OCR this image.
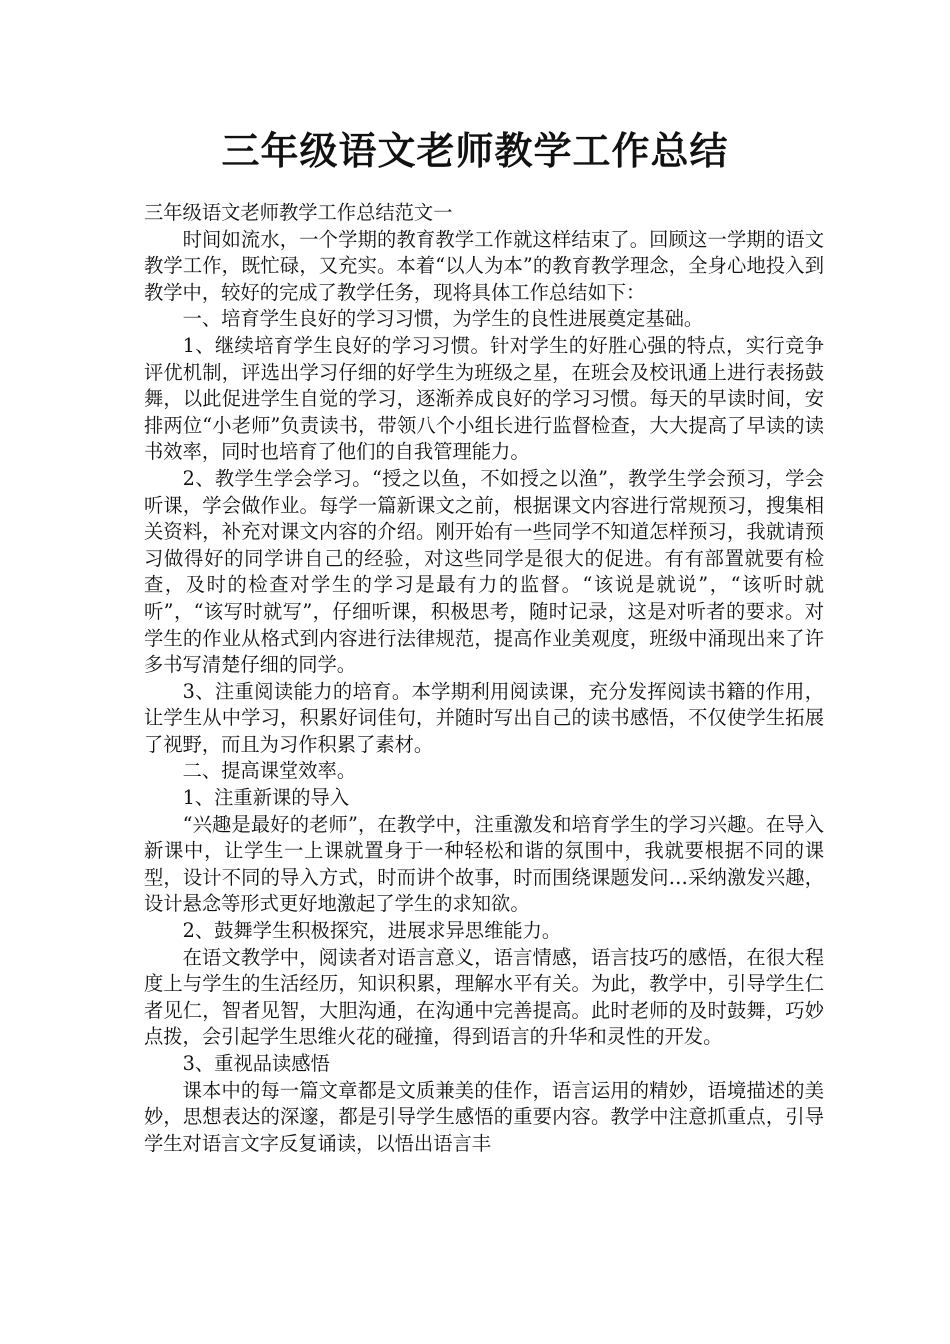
三年级语文老师教学工作总结

三年级语文老师教学工作总结范文一

时间如流水，一个学期的教育教学工作就这样结束了。回顾这一学期的语文教学工作，既忙碌，又充实。本着“以人为本”的教育教学理念，全身心地投入到教学中，较好的完成了教学任务，现将具体工作总结如下：

一、培育学生良好的学习习惯，为学生的良性进展奠定基础。

1、继续培育学生良好的学习习惯。针对学生的好胜心强的特点，实行竞争评优机制，评选出学习仔细的好学生为班级之星，在班会及校讯通上进行表扬鼓舞，以此促进学生自觉的学习，逐渐养成良好的学习习惯。每天的早读时间，安排两位“小老师”负责读书，带领八个小组长进行监督检查，大大提高了早读的读书效率，同时也培育了他们的自我管理能力。

2、教学生学会学习。“授之以鱼，不如授之以渔”，教学生学会预习，学会听课，学会做作业。每学一篇新课文之前，根据课文内容进行常规预习，搜集相关资料，补充对课文内容的介绍。刚开始有一些同学不知道怎样预习，我就请预习做得好的同学讲自己的经验，对这些同学是很大的促进。有有部置就要有检查，及时的检查对学生的学习是最有力的监督。“该说是就说”，“该听时就听”，“该写时就写”，仔细听课，积极思考，随时记录，这是对听者的要求。对学生的作业从格式到内容进行法律规范，提高作业美观度，班级中涌现出来了许多书写清楚仔细的同学。

3、注重阅读能力的培育。本学期利用阅读课，充分发挥阅读书籍的作用，让学生从中学习，积累好词佳句，并随时写出自己的读书感悟，不仅使学生拓展了视野，而且为习作积累了素材。

二、提高课堂效率。

1、注重新课的导入

“兴趣是最好的老师”，在教学中，注重激发和培育学生的学习兴趣。在导入新课中，让学生一上课就置身于一种轻松和谐的氛围中，我就要根据不同的课型，设计不同的导入方式，时而讲个故事，时而围绕课题发问…采纳激发兴趣，设计悬念等形式更好地激起了学生的求知欲。

2、鼓舞学生积极探究，进展求异思维能力。

在语文教学中，阅读者对语言意义，语言情感，语言技巧的感悟，在很大程度上与学生的生活经历，知识积累，理解水平有关。为此，教学中，引导学生仁者见仁，智者见智，大胆沟通，在沟通中完善提高。此时老师的及时鼓舞，巧妙点拨，会引起学生思维火花的碰撞，得到语言的升华和灵性的开发。

3、重视品读感悟

课本中的每一篇文章都是文质兼美的佳作，语言运用的精妙，语境描述的美妙，思想表达的深邃，都是引导学生感悟的重要内容。教学中注意抓重点，引导学生对语言文字反复诵读，以悟出语言丰
